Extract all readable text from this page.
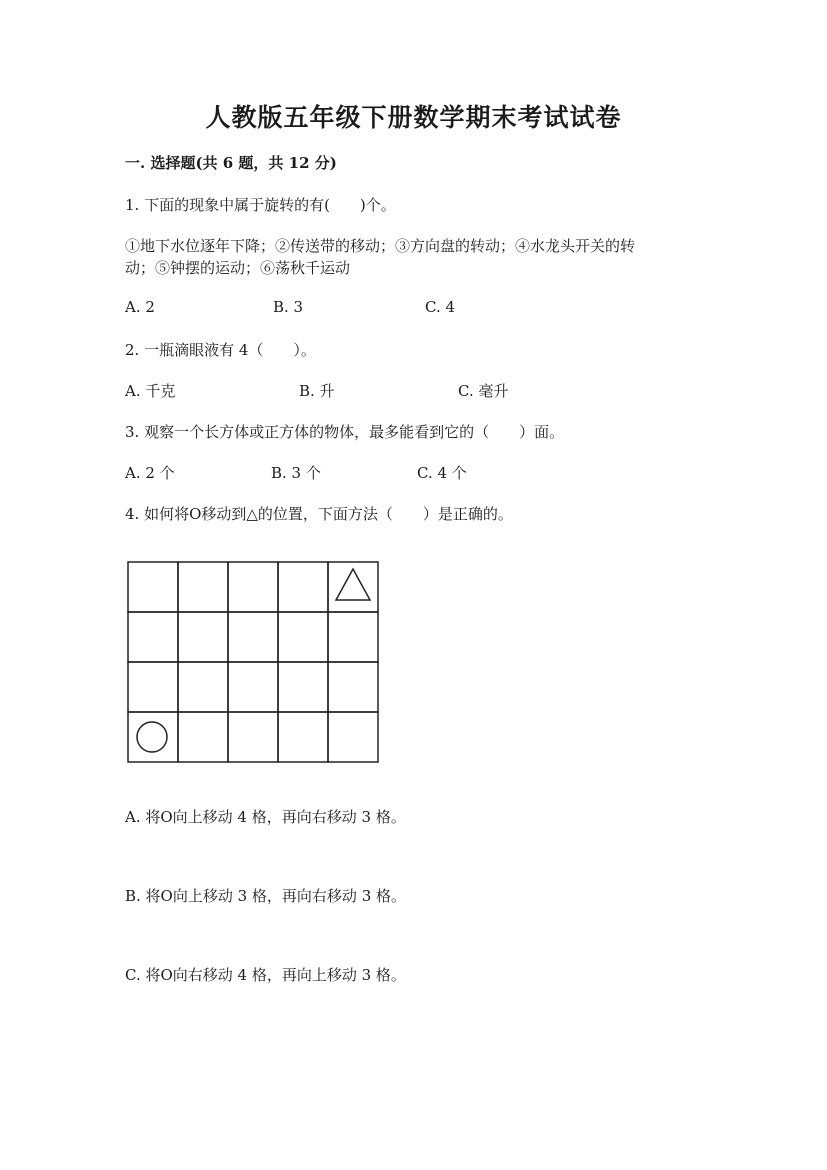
人教版五年级下册数学期末考试试卷
一. 选择题(共 6 题，共 12 分)
1. 下面的现象中属于旋转的有(　　)个。
①地下水位逐年下降；②传送带的移动；③方向盘的转动；④水龙头开关的转
动；⑤钟摆的运动；⑥荡秋千运动
A. 2	B. 3	C. 4
2. 一瓶滴眼液有 4（　　）。
A. 千克	B. 升	C. 毫升
3. 观察一个长方体或正方体的物体，最多能看到它的（　　）面。
A. 2 个	B. 3 个	C. 4 个
4. 如何将O移动到△的位置，下面方法（　　）是正确的。
A. 将O向上移动 4 格，再向右移动 3 格。
B. 将O向上移动 3 格，再向右移动 3 格。
C. 将O向右移动 4 格，再向上移动 3 格。
